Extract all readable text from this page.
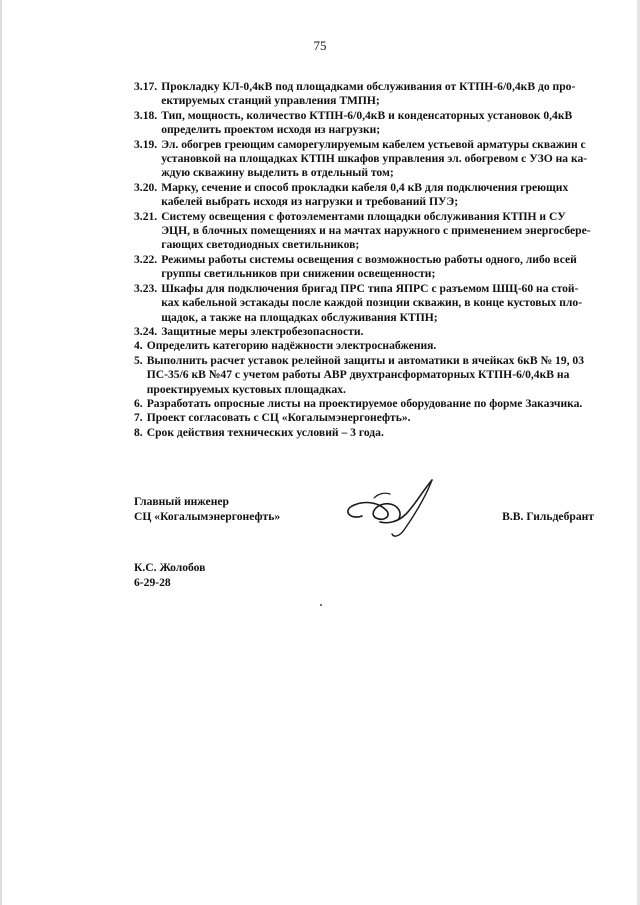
75
3.17. Прокладку КЛ-0,4кВ под площадками обслуживания от КТПН-6/0,4кВ до про-
ектируемых станций управления ТМПН;
3.18. Тип, мощность, количество КТПН-6/0,4кВ и конденсаторных установок 0,4кВ
определить проектом исходя из нагрузки;
3.19. Эл. обогрев греющим саморегулируемым кабелем устьевой арматуры скважин с
установкой на площадках КТПН шкафов управления эл. обогревом с УЗО на ка-
ждую скважину выделить в отдельный том;
3.20. Марку, сечение и способ прокладки кабеля 0,4 кВ для подключения греющих
кабелей выбрать исходя из нагрузки и требований ПУЭ;
3.21. Систему освещения с фотоэлементами площадки обслуживания КТПН и СУ
ЭЦН, в блочных помещениях и на мачтах наружного с применением энергосбере-
гающих светодиодных светильников;
3.22. Режимы работы системы освещения с возможностью работы одного, либо всей
группы светильников при снижении освещенности;
3.23. Шкафы для подключения бригад ПРС типа ЯПРС с разъемом ШЩ-60 на стой-
ках кабельной эстакады после каждой позиции скважин, в конце кустовых пло-
щадок, а также на площадках обслуживания КТПН;
3.24. Защитные меры электробезопасности.
4. Определить категорию надёжности электроснабжения.
5. Выполнить расчет уставок релейной защиты и автоматики в ячейках 6кВ № 19, 03
ПС-35/6 кВ №47 с учетом работы АВР двухтрансформаторных КТПН-6/0,4кВ на
проектируемых кустовых площадках.
6. Разработать опросные листы на проектируемое оборудование по форме Заказчика.
7. Проект согласовать с СЦ «Когалымэнергонефть».
8. Срок действия технических условий – 3 года.
Главный инженер
СЦ «Когалымэнергонефть»	В.В. Гильдебрант
К.С. Жолобов
6-29-28
